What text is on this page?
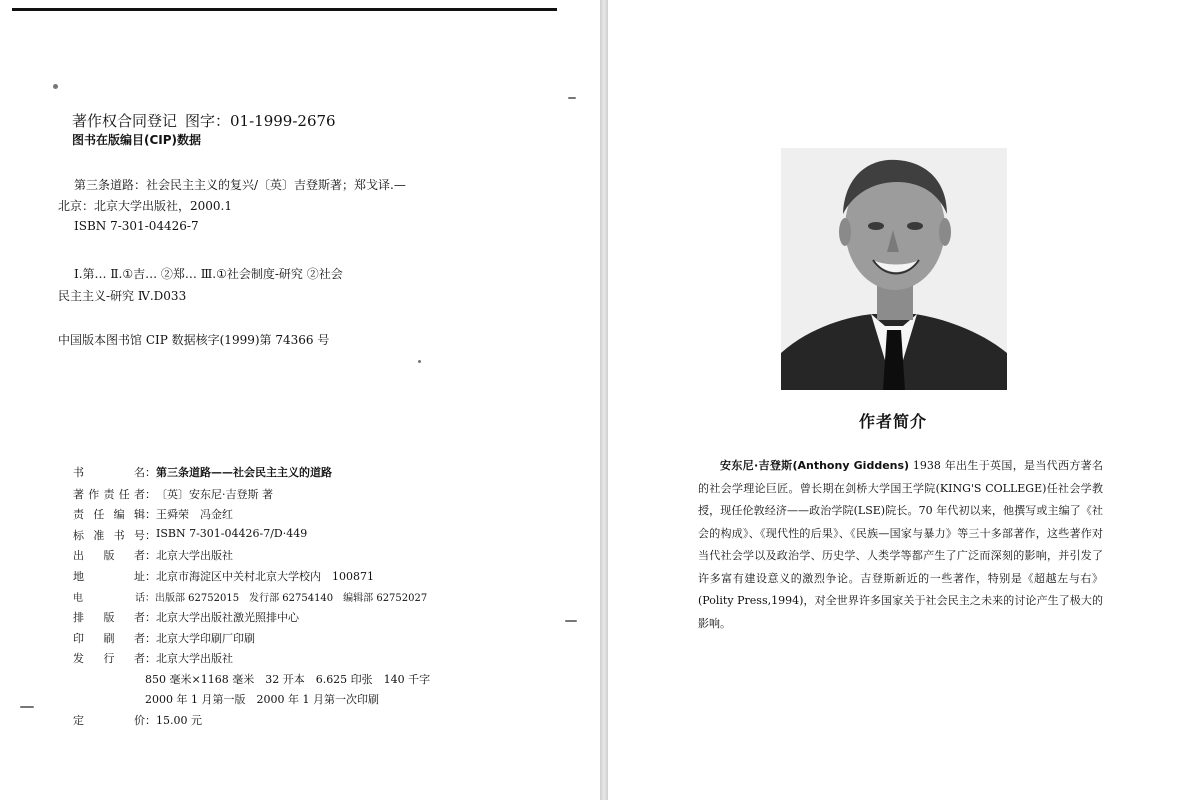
著作权合同登记 图字：01-1999-2676
图书在版编目(CIP)数据
第三条道路：社会民主主义的复兴/〔英〕吉登斯著；郑戈译.—
北京：北京大学出版社，2000.1
ISBN 7-301-04426-7
Ⅰ.第… Ⅱ.①吉… ②郑… Ⅲ.①社会制度-研究 ②社会
民主主义-研究 Ⅳ.D033
中国版本图书馆 CIP 数据核字(1999)第 74366 号
书　　名 ： 第三条道路——社会民主主义的道路
著作责任者 ： 〔英〕安东尼·吉登斯 著
责任编辑 ： 王舜荣　冯金红
标准书号 ： ISBN 7-301-04426-7/D·449
出　版　者 ： 北京大学出版社
地　　址 ： 北京市海淀区中关村北京大学校内　100871
电　　话 ： 出版部 62752015　发行部 62754140　编辑部 62752027
排　版　者 ： 北京大学出版社激光照排中心
印　刷　者 ： 北京大学印刷厂印刷
发　行　者 ： 北京大学出版社
850 毫米×1168 毫米　32 开本　6.625 印张　140 千字
2000 年 1 月第一版　2000 年 1 月第一次印刷
定　　价 ： 15.00 元
作者简介
安东尼·吉登斯(Anthony Giddens) 1938 年出生于英国，是当代西方著名的社会学理论巨匠。曾长期在剑桥大学国王学院(KING'S COLLEGE)任社会学教授，现任伦敦经济——政治学院(LSE)院长。70 年代初以来，他撰写或主编了《社会的构成》、《现代性的后果》、《民族—国家与暴力》等三十多部著作，这些著作对当代社会学以及政治学、历史学、人类学等都产生了广泛而深刻的影响，并引发了许多富有建设意义的激烈争论。吉登斯新近的一些著作，特别是《超越左与右》(Polity Press,1994)，对全世界许多国家关于社会民主之未来的讨论产生了极大的影响。
